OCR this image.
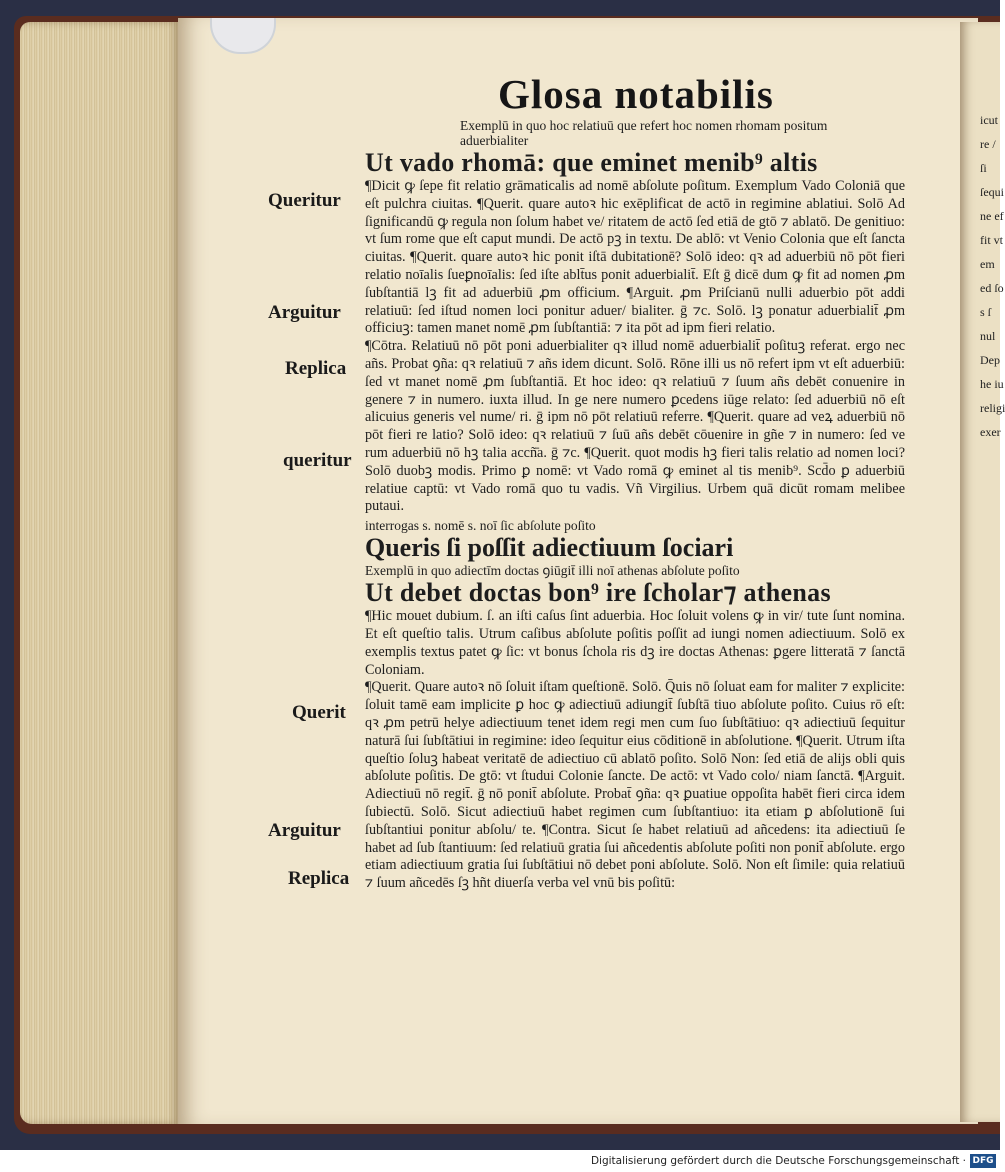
icut
re /
ſi
ſequi
ne ef
fit vt
em
ed ſo
s ſ
nul
Dep
he iu
religi
exer
Glosa notabilis
Exemplū in quo hoc relatiuū que refert hoc nomen rhomam positum aduerbialiter
Ut vado rhomā: que eminet menib⁹ altis
¶Dicit ꝙ ſepe fit relatio grāmaticalis ad nomē abſolute poſitum. Exemplum Vado Coloniā que eſt pulchra ciuitas. ¶Querit. quare autoꝛ hic exēplificat de actō in regimine ablatiui. Solō Ad ſignificandū ꝙ regula non ſolum habet ve/ ritatem de actō ſed etiā de gtō ⁊ ablatō. De genitiuo: vt ſum rome que eſt caput mundi. De actō pꝫ in textu. De ablō: vt Venio Colonia que eſt ſancta ciuitas. ¶Querit. quare autoꝛ hic ponit iſtā dubitationē? Solō ideo: qꝛ ad aduerbiū nō pōt fieri relatio noīalis ſueꝑnoīalis: ſed iſte ablt̄us ponit aduerbialit̄. Eſt ḡ dicē dum ꝙ fit ad nomen ꝓm ſubſtantiā lꝫ fit ad aduerbiū ꝓm officium. ¶Arguit. ꝓm Priſcianū nulli aduerbio pōt addi relatiuū: ſed iſtud nomen loci ponitur aduer/ bialiter. ḡ ⁊c. Solō. lꝫ ponatur aduerbialit̄ ꝓm officiuꝫ: tamen manet nomē ꝓm ſubſtantiā: ⁊ ita pōt ad ipm fieri relatio.
¶Cōtra. Relatiuū nō pōt poni aduerbialiter qꝛ illud nomē aduerbialit̄ poſituꝫ referat. ergo nec añs. Probat ꝯña: qꝛ relatiuū ⁊ añs idem dicunt. Solō. Rōne illi us nō refert ipm vt eſt aduerbiū: ſed vt manet nomē ꝓm ſubſtantiā. Et hoc ideo: qꝛ relatiuū ⁊ ſuum añs debēt conuenire in genere ⁊ in numero. iuxta illud. In ge nere numero ꝑcedens iūge relato: ſed aduerbiū nō eſt alicuius generis vel nume/ ri. ḡ ipm nō pōt relatiuū referre. ¶Querit. quare ad veꝝ aduerbiū nō pōt fieri re latio? Solō ideo: qꝛ relatiuū ⁊ ſuū añs debēt cōuenire in gñe ⁊ in numero: ſed ve rum aduerbiū nō hꝫ talia accñ̄a. ḡ ⁊c. ¶Querit. quot modis hꝫ fieri talis relatio ad nomen loci? Solō duobꝫ modis. Primo ꝑ nomē: vt Vado romā ꝙ eminet al tis menib⁹. Scd̄o ꝑ aduerbiū relatiue captū: vt Vado romā quo tu vadis. Vñ Virgilius. Urbem quā dicūt romam melibee putaui.
interrogas s. nomē s. noī ſic abſolute poſito
Queris ſi poſſit adiectiuum ſociari
Exemplū in quo adiectīm doctas ꝯiūgit̄ illi noī athenas abſolute poſito
Ut debet doctas bon⁹ ire ſcholar⁊ athenas
¶Hic mouet dubium. ſ. an iſti caſus ſint aduerbia. Hoc ſoluit volens ꝙ in vir/ tute ſunt nomina. Et eſt queſtio talis. Utrum caſibus abſolute poſitis poſſit ad iungi nomen adiectiuum. Solō ex exemplis textus patet ꝙ ſic: vt bonus ſchola ris dꝫ ire doctas Athenas: ꝑgere litteratā ⁊ ſanctā Coloniam.
¶Querit. Quare autoꝛ nō ſoluit iſtam queſtionē. Solō. Q̄uis nō ſoluat eam for maliter ⁊ explicite: ſoluit tamē eam implicite ꝑ hoc ꝙ adiectiuū adiungit̄ ſubſtā tiuo abſolute poſito. Cuius rō eſt: qꝛ ꝓm petrū helye adiectiuum tenet idem regi men cum ſuo ſubſtātiuo: qꝛ adiectiuū ſequitur naturā ſui ſubſtātiui in regimine: ideo ſequitur eius cōditionē in abſolutione. ¶Querit. Utrum iſta queſtio ſoluꝫ habeat veritatē de adiectiuo cū ablatō poſito. Solō Non: ſed etiā de alijs obli quis abſolute poſitis. De gtō: vt ſtudui Colonie ſancte. De actō: vt Vado colo/ niam ſanctā. ¶Arguit. Adiectiuū nō regit̄. ḡ nō ponit̄ abſolute. Probat̄ ꝯña: qꝛ ꝑuatiue oppoſita habēt fieri circa idem ſubiectū. Solō. Sicut adiectiuū habet regimen cum ſubſtantiuo: ita etiam ꝑ abſolutionē ſui ſubſtantiui ponitur abſolu/ te. ¶Contra. Sicut ſe habet relatiuū ad añcedens: ita adiectiuū ſe habet ad ſub ſtantiuum: ſed relatiuū gratia ſui añcedentis abſolute poſiti non ponit̄ abſolute. ergo etiam adiectiuum gratia ſui ſubſtātiui nō debet poni abſolute. Solō. Non eſt ſimile: quia relatiuū ⁊ ſuum añcedēs ſꝫ hñt diuerſa verba vel vnū bis poſitū:
Queritur
Arguitur
Replica
queritur
Querit
Arguitur
Replica
Digitalisierung gefördert durch die Deutsche Forschungsgemeinschaft · DFG
